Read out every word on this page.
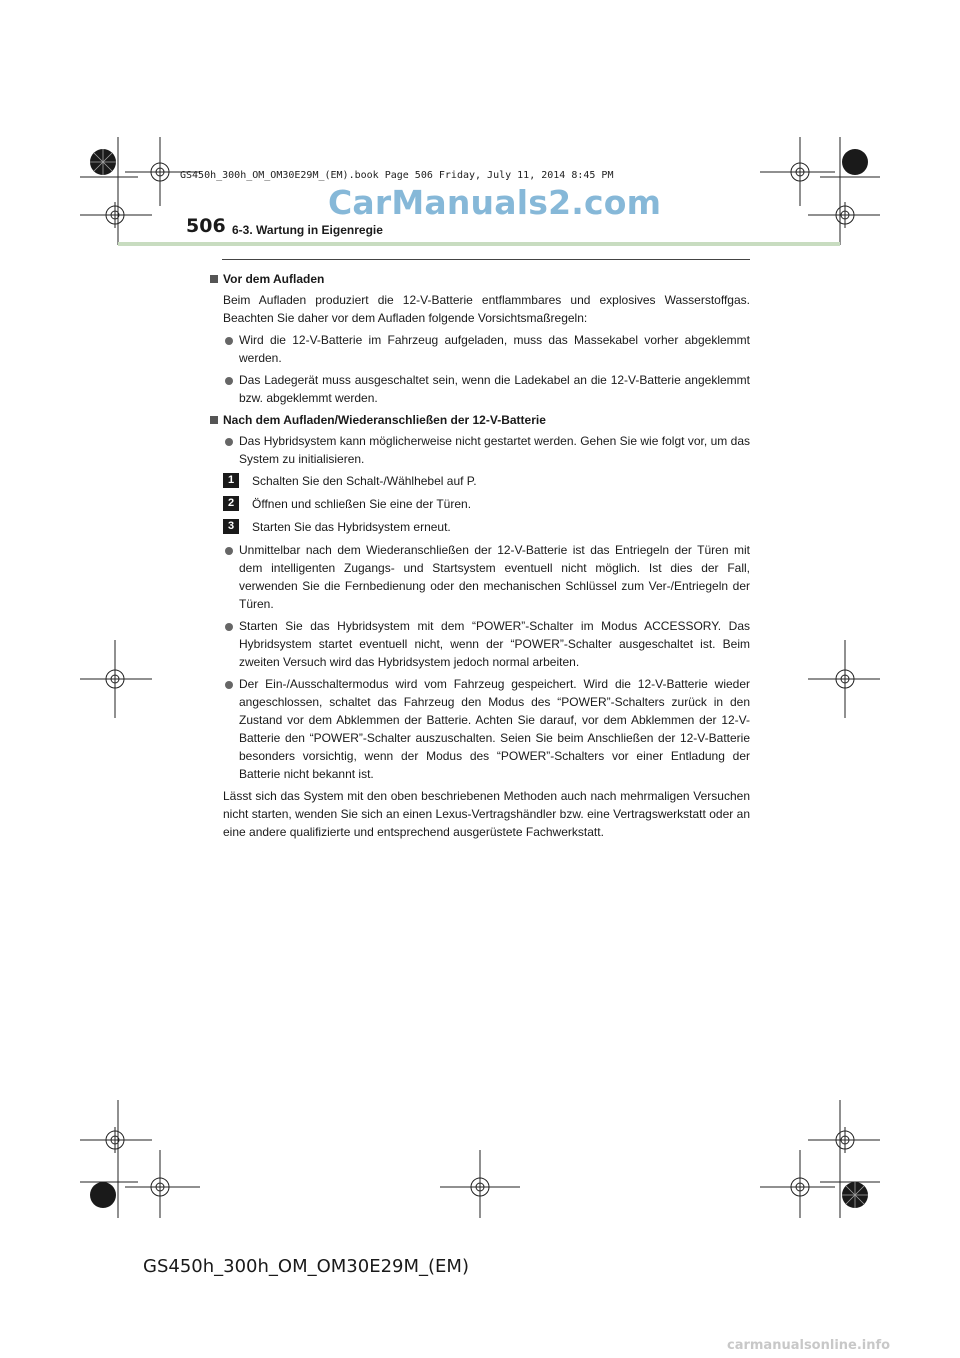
GS450h_300h_OM_OM30E29M_(EM).book Page 506 Friday, July 11, 2014 8:45 PM
CarManuals2.com
506 6-3. Wartung in Eigenregie

Vor dem Aufladen

Beim Aufladen produziert die 12-V-Batterie entflammbares und explosives Wasserstoffgas. Beachten Sie daher vor dem Aufladen folgende Vorsichtsmaßregeln:

Wird die 12-V-Batterie im Fahrzeug aufgeladen, muss das Massekabel vorher abgeklemmt werden.

Das Ladegerät muss ausgeschaltet sein, wenn die Ladekabel an die 12-V-Batterie angeklemmt bzw. abgeklemmt werden.

Nach dem Aufladen/Wiederanschließen der 12-V-Batterie

Das Hybridsystem kann möglicherweise nicht gestartet werden. Gehen Sie wie folgt vor, um das System zu initialisieren.

1	Schalten Sie den Schalt-/Wählhebel auf P.

2	Öffnen und schließen Sie eine der Türen.

3	Starten Sie das Hybridsystem erneut.

Unmittelbar nach dem Wiederanschließen der 12-V-Batterie ist das Entriegeln der Türen mit dem intelligenten Zugangs- und Startsystem eventuell nicht möglich. Ist dies der Fall, verwenden Sie die Fernbedienung oder den mechanischen Schlüssel zum Ver-/Entriegeln der Türen.

Starten Sie das Hybridsystem mit dem “POWER”-Schalter im Modus ACCESSORY. Das Hybridsystem startet eventuell nicht, wenn der “POWER”-Schalter ausgeschaltet ist. Beim zweiten Versuch wird das Hybridsystem jedoch normal arbeiten.

Der Ein-/Ausschaltermodus wird vom Fahrzeug gespeichert. Wird die 12-V-Batterie wieder angeschlossen, schaltet das Fahrzeug den Modus des “POWER”-Schalters zurück in den Zustand vor dem Abklemmen der Batterie. Achten Sie darauf, vor dem Abklemmen der 12-V-Batterie den “POWER”-Schalter auszuschalten. Seien Sie beim Anschließen der 12-V-Batterie besonders vorsichtig, wenn der Modus des “POWER”-Schalters vor einer Entladung der Batterie nicht bekannt ist.

Lässt sich das System mit den oben beschriebenen Methoden auch nach mehrmaligen Versuchen nicht starten, wenden Sie sich an einen Lexus-Vertragshändler bzw. eine Vertragswerkstatt oder an eine andere qualifizierte und entsprechend ausgerüstete Fachwerkstatt.

GS450h_300h_OM_OM30E29M_(EM)
carmanualsonline.info
